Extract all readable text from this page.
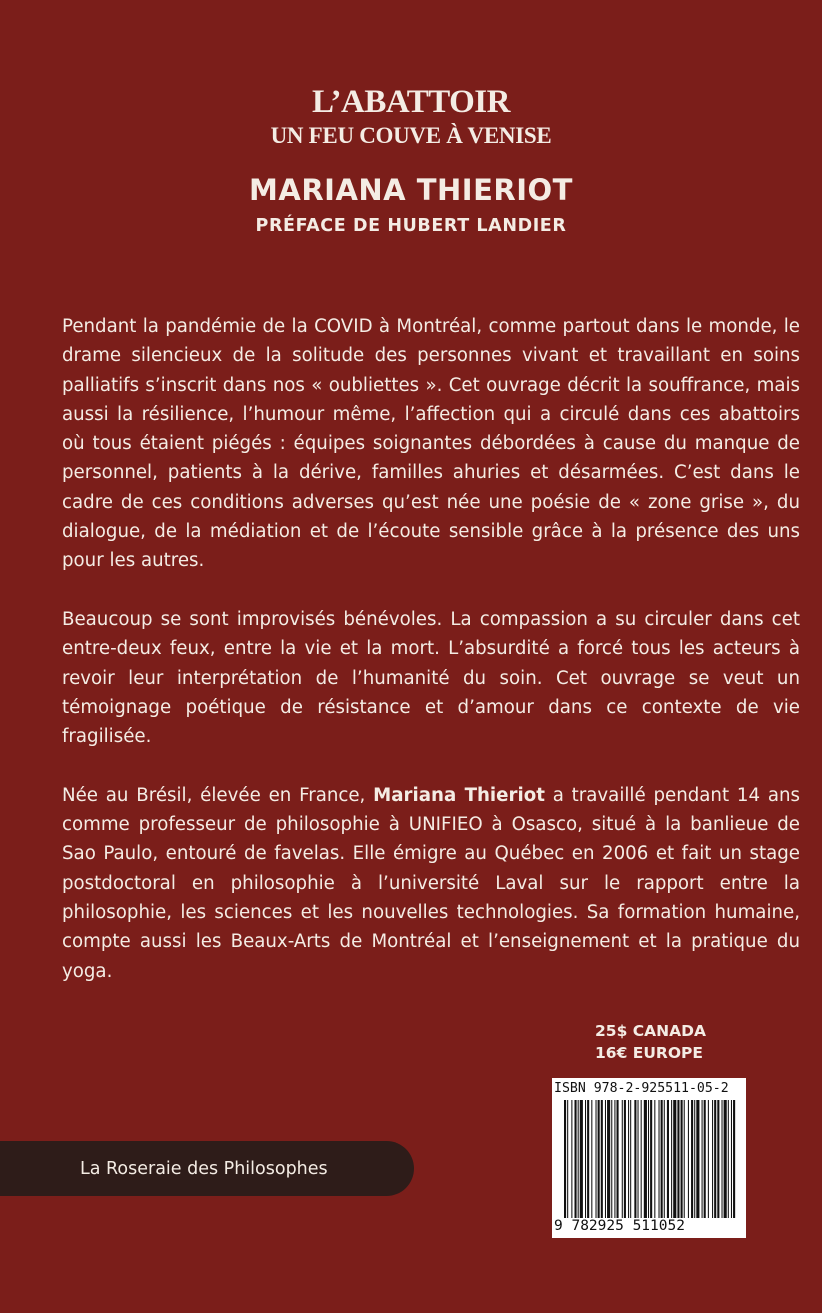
L’ABATTOIR
UN FEU COUVE À VENISE
MARIANA THIERIOT
PRÉFACE DE HUBERT LANDIER

Pendant la pandémie de la COVID à Montréal, comme partout dans le monde, le drame silencieux de la solitude des personnes vivant et travaillant en soins palliatifs s’inscrit dans nos « oubliettes ». Cet ouvrage décrit la souffrance, mais aussi la résilience, l’humour même, l’affection qui a circulé dans ces abattoirs où tous étaient piégés : équipes soignantes débordées à cause du manque de personnel, patients à la dérive, familles ahuries et désarmées. C’est dans le cadre de ces conditions adverses qu’est née une poésie de « zone grise », du dialogue, de la médiation et de l’écoute sensible grâce à la présence des uns pour les autres.

Beaucoup se sont improvisés bénévoles. La compassion a su circuler dans cet entre-deux feux, entre la vie et la mort. L’absurdité a forcé tous les acteurs à revoir leur interprétation de l’humanité du soin. Cet ouvrage se veut un témoignage poétique de résistance et d’amour dans ce contexte de vie fragilisée.

Née au Brésil, élevée en France, Mariana Thieriot a travaillé pendant 14 ans comme professeur de philosophie à UNIFIEO à Osasco, situé à la banlieue de Sao Paulo, entouré de favelas. Elle émigre au Québec en 2006 et fait un stage postdoctoral en philosophie à l’université Laval sur le rapport entre la philosophie, les sciences et les nouvelles technologies. Sa formation humaine, compte aussi les Beaux-Arts de Montréal et l’enseignement et la pratique du yoga.

25$ CANADA
16€ EUROPE
La Roseraie des Philosophes
ISBN 978-2-925511-05-2
9 782925 511052
